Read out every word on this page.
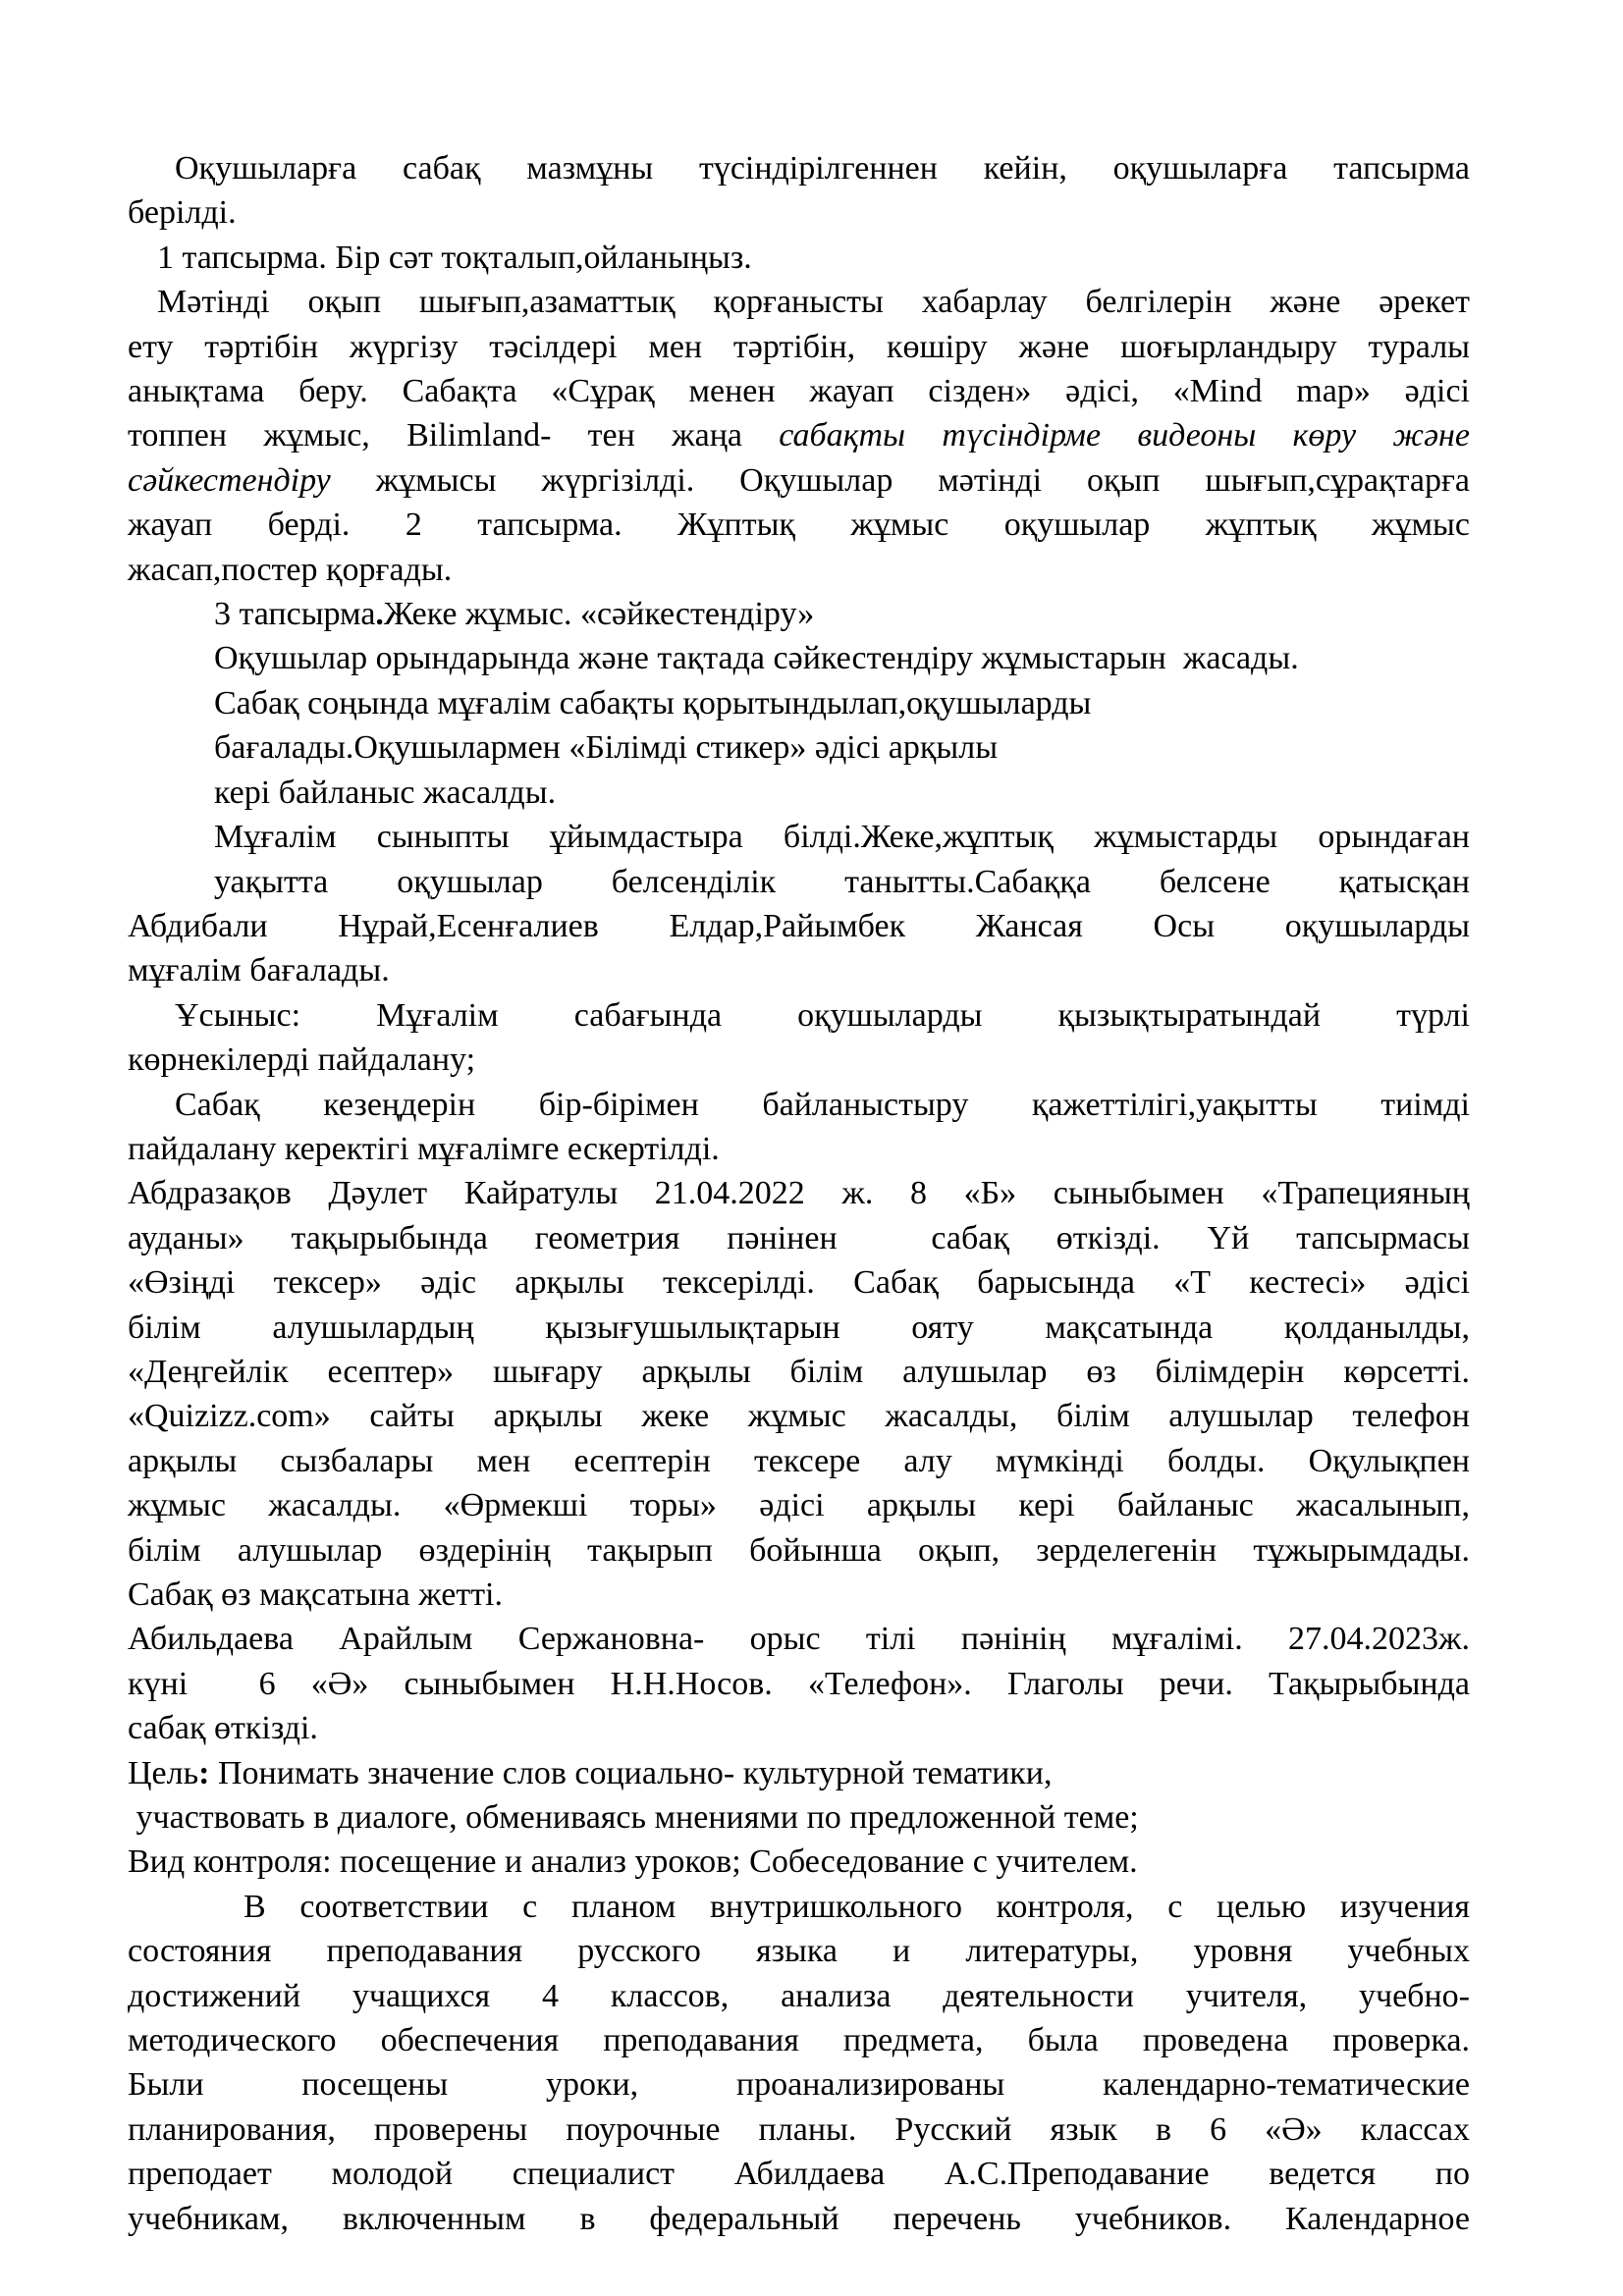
Оқушыларға сабақ мазмұны түсіндірілгеннен кейін, оқушыларға тапсырма
берілді.
1 тапсырма. Бір сәт тоқталып,ойланыңыз.
Мәтінді оқып шығып,азаматтық қорғанысты хабарлау белгілерін және әрекет
ету тәртібін жүргізу тәсілдері мен тәртібін, көшіру және шоғырландыру туралы
анықтама беру. Сабақта «Сұрақ менен жауап сізден» әдісі, «Mind map» әдісі
топпен жұмыс, Bilimland- тен жаңа сабақты түсіндірме видеоны көру және
сәйкестендіру жұмысы жүргізілді. Оқушылар мәтінді оқып шығып,сұрақтарға
жауап берді. 2 тапсырма. Жұптық жұмыс оқушылар жұптық жұмыс
жасап,постер қорғады.
3 тапсырма.Жеке жұмыс. «сәйкестендіру»
Оқушылар орындарында және тақтада сәйкестендіру жұмыстарын  жасады.
Сабақ соңында мұғалім сабақты қорытындылап,оқушыларды
бағалады.Оқушылармен «Білімді стикер» әдісі арқылы
кері байланыс жасалды.
Мұғалім сыныпты ұйымдастыра білді.Жеке,жұптық жұмыстарды орындаған
уақытта оқушылар белсенділік танытты.Сабаққа белсене қатысқан
Абдибали Нұрай,Есенғалиев Елдар,Райымбек Жансая Осы оқушыларды
мұғалім бағалады.
Ұсыныс: Мұғалім сабағында оқушыларды қызықтыратындай түрлі
көрнекілерді пайдалану;
Сабақ кезеңдерін бір-бірімен байланыстыру қажеттілігі,уақытты тиімді
пайдалану керектігі мұғалімге ескертілді.
Абдразақов Дәулет Кайратулы 21.04.2022 ж. 8 «Б» сыныбымен «Трапецияның
ауданы» тақырыбында геометрия пәнінен  сабақ өткізді. Үй тапсырмасы
«Өзіңді тексер» әдіс арқылы тексерілді. Сабақ барысында «Т кестесі» әдісі
білім алушылардың қызығушылықтарын ояту мақсатында қолданылды,
«Деңгейлік есептер» шығару арқылы білім алушылар өз білімдерін көрсетті.
«Quizizz.com» сайты арқылы жеке жұмыс жасалды, білім алушылар телефон
арқылы сызбалары мен есептерін тексере алу мүмкінді болды. Оқулықпен
жұмыс жасалды. «Өрмекші торы» әдісі арқылы кері байланыс жасалынып,
білім алушылар өздерінің тақырып бойынша оқып, зерделегенін тұжырымдады.
Сабақ өз мақсатына жетті.
Абильдаева Арайлым Сержановна- орыс тілі пәнінің мұғалімі. 27.04.2023ж.
күні  6 «Ә» сыныбымен Н.Н.Носов. «Телефон». Глаголы речи. Тақырыбында
сабақ өткізді.
Цель: Понимать значение слов социально- культурной тематики,
участвовать в диалоге, обмениваясь мнениями по предложенной теме;
Вид контроля: посещение и анализ уроков; Собеседование с учителем.
В соответствии с планом внутришкольного контроля, с целью изучения
состояния преподавания русского языка и литературы, уровня учебных
достижений учащихся 4 классов, анализа деятельности учителя, учебно-
методического обеспечения преподавания предмета, была проведена проверка.
Были посещены уроки, проанализированы календарно-тематические
планирования, проверены поурочные планы. Русский язык в 6 «Ә» классах
преподает молодой специалист Абилдаева А.С.Преподавание ведется по
учебникам, включенным в федеральный перечень учебников. Календарное
